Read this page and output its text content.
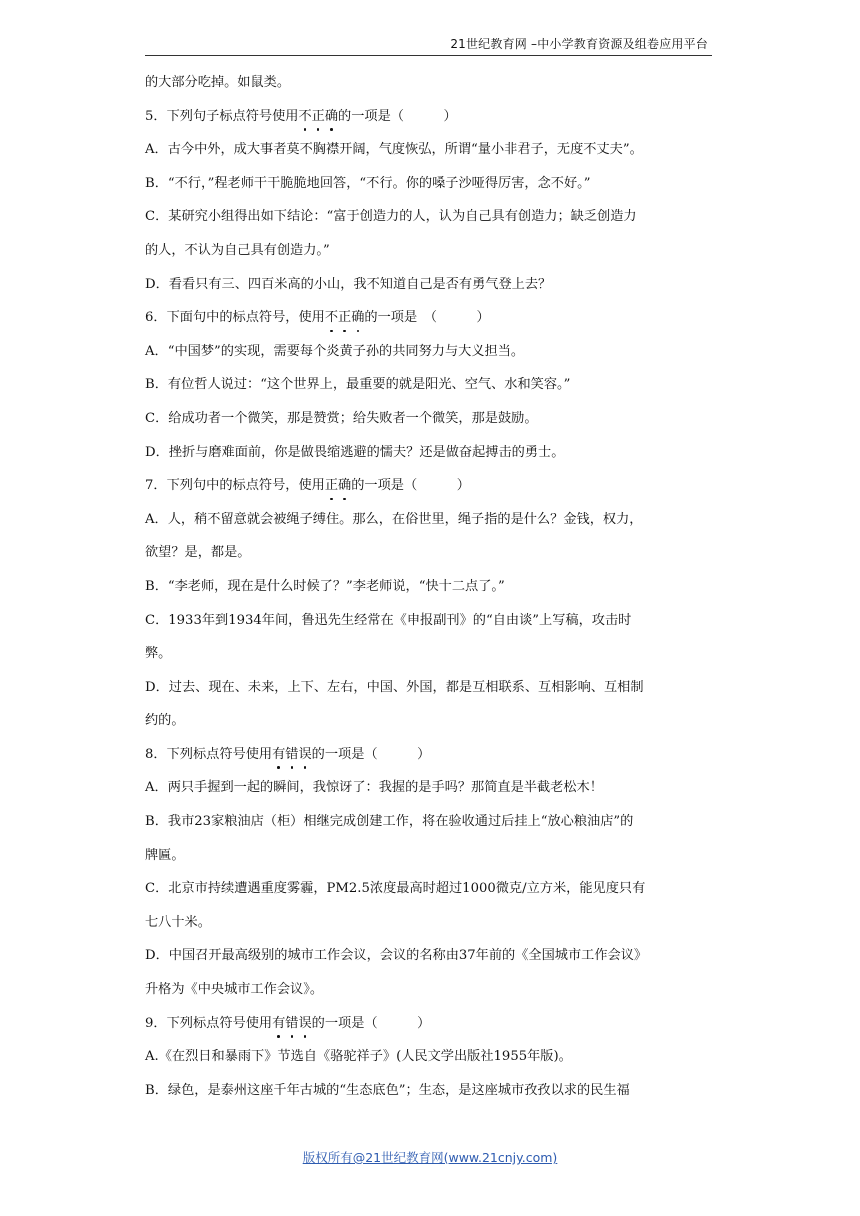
21世纪教育网 –中小学教育资源及组卷应用平台
的大部分吃掉。如鼠类。
5．下列句子标点符号使用不正确的一项是（　　　）
A．古今中外，成大事者莫不胸襟开阔，气度恢弘，所谓“量小非君子，无度不丈夫”。
B．“不行，”程老师干干脆脆地回答，“不行。你的嗓子沙哑得厉害，念不好。”
C．某研究小组得出如下结论：“富于创造力的人，认为自己具有创造力；缺乏创造力
的人，不认为自己具有创造力。”
D．看看只有三、四百米高的小山，我不知道自己是否有勇气登上去？
6．下面句中的标点符号，使用不正确的一项是　（　　　）
A．“中国梦”的实现，需要每个炎黄子孙的共同努力与大义担当。
B．有位哲人说过：“这个世界上，最重要的就是阳光、空气、水和笑容。”
C．给成功者一个微笑，那是赞赏；给失败者一个微笑，那是鼓励。
D．挫折与磨难面前，你是做畏缩逃避的懦夫？还是做奋起搏击的勇士。
7．下列句中的标点符号，使用正确的一项是（　　　）
A．人，稍不留意就会被绳子缚住。那么，在俗世里，绳子指的是什么？金钱，权力，
欲望？是，都是。
B．“李老师，现在是什么时候了？”李老师说，“快十二点了。”
C．1933年到1934年间，鲁迅先生经常在《申报副刊》的“自由谈”上写稿，攻击时
弊。
D．过去、现在、未来，上下、左右，中国、外国，都是互相联系、互相影响、互相制
约的。
8．下列标点符号使用有错误的一项是（　　　）
A．两只手握到一起的瞬间，我惊讶了：我握的是手吗？那简直是半截老松木！
B．我市23家粮油店（柜）相继完成创建工作，将在验收通过后挂上“放心粮油店”的
牌匾。
C．北京市持续遭遇重度雾霾，PM2.5浓度最高时超过1000微克/立方米，能见度只有
七八十米。
D．中国召开最高级别的城市工作会议，会议的名称由37年前的《全国城市工作会议》
升格为《中央城市工作会议》。
9．下列标点符号使用有错误的一项是（　　　）
A.《在烈日和暴雨下》节选自《骆驼祥子》(人民文学出版社1955年版)。
B．绿色，是泰州这座千年古城的“生态底色”；生态，是这座城市孜孜以求的民生福
版权所有@21世纪教育网(www.21cnjy.com)
